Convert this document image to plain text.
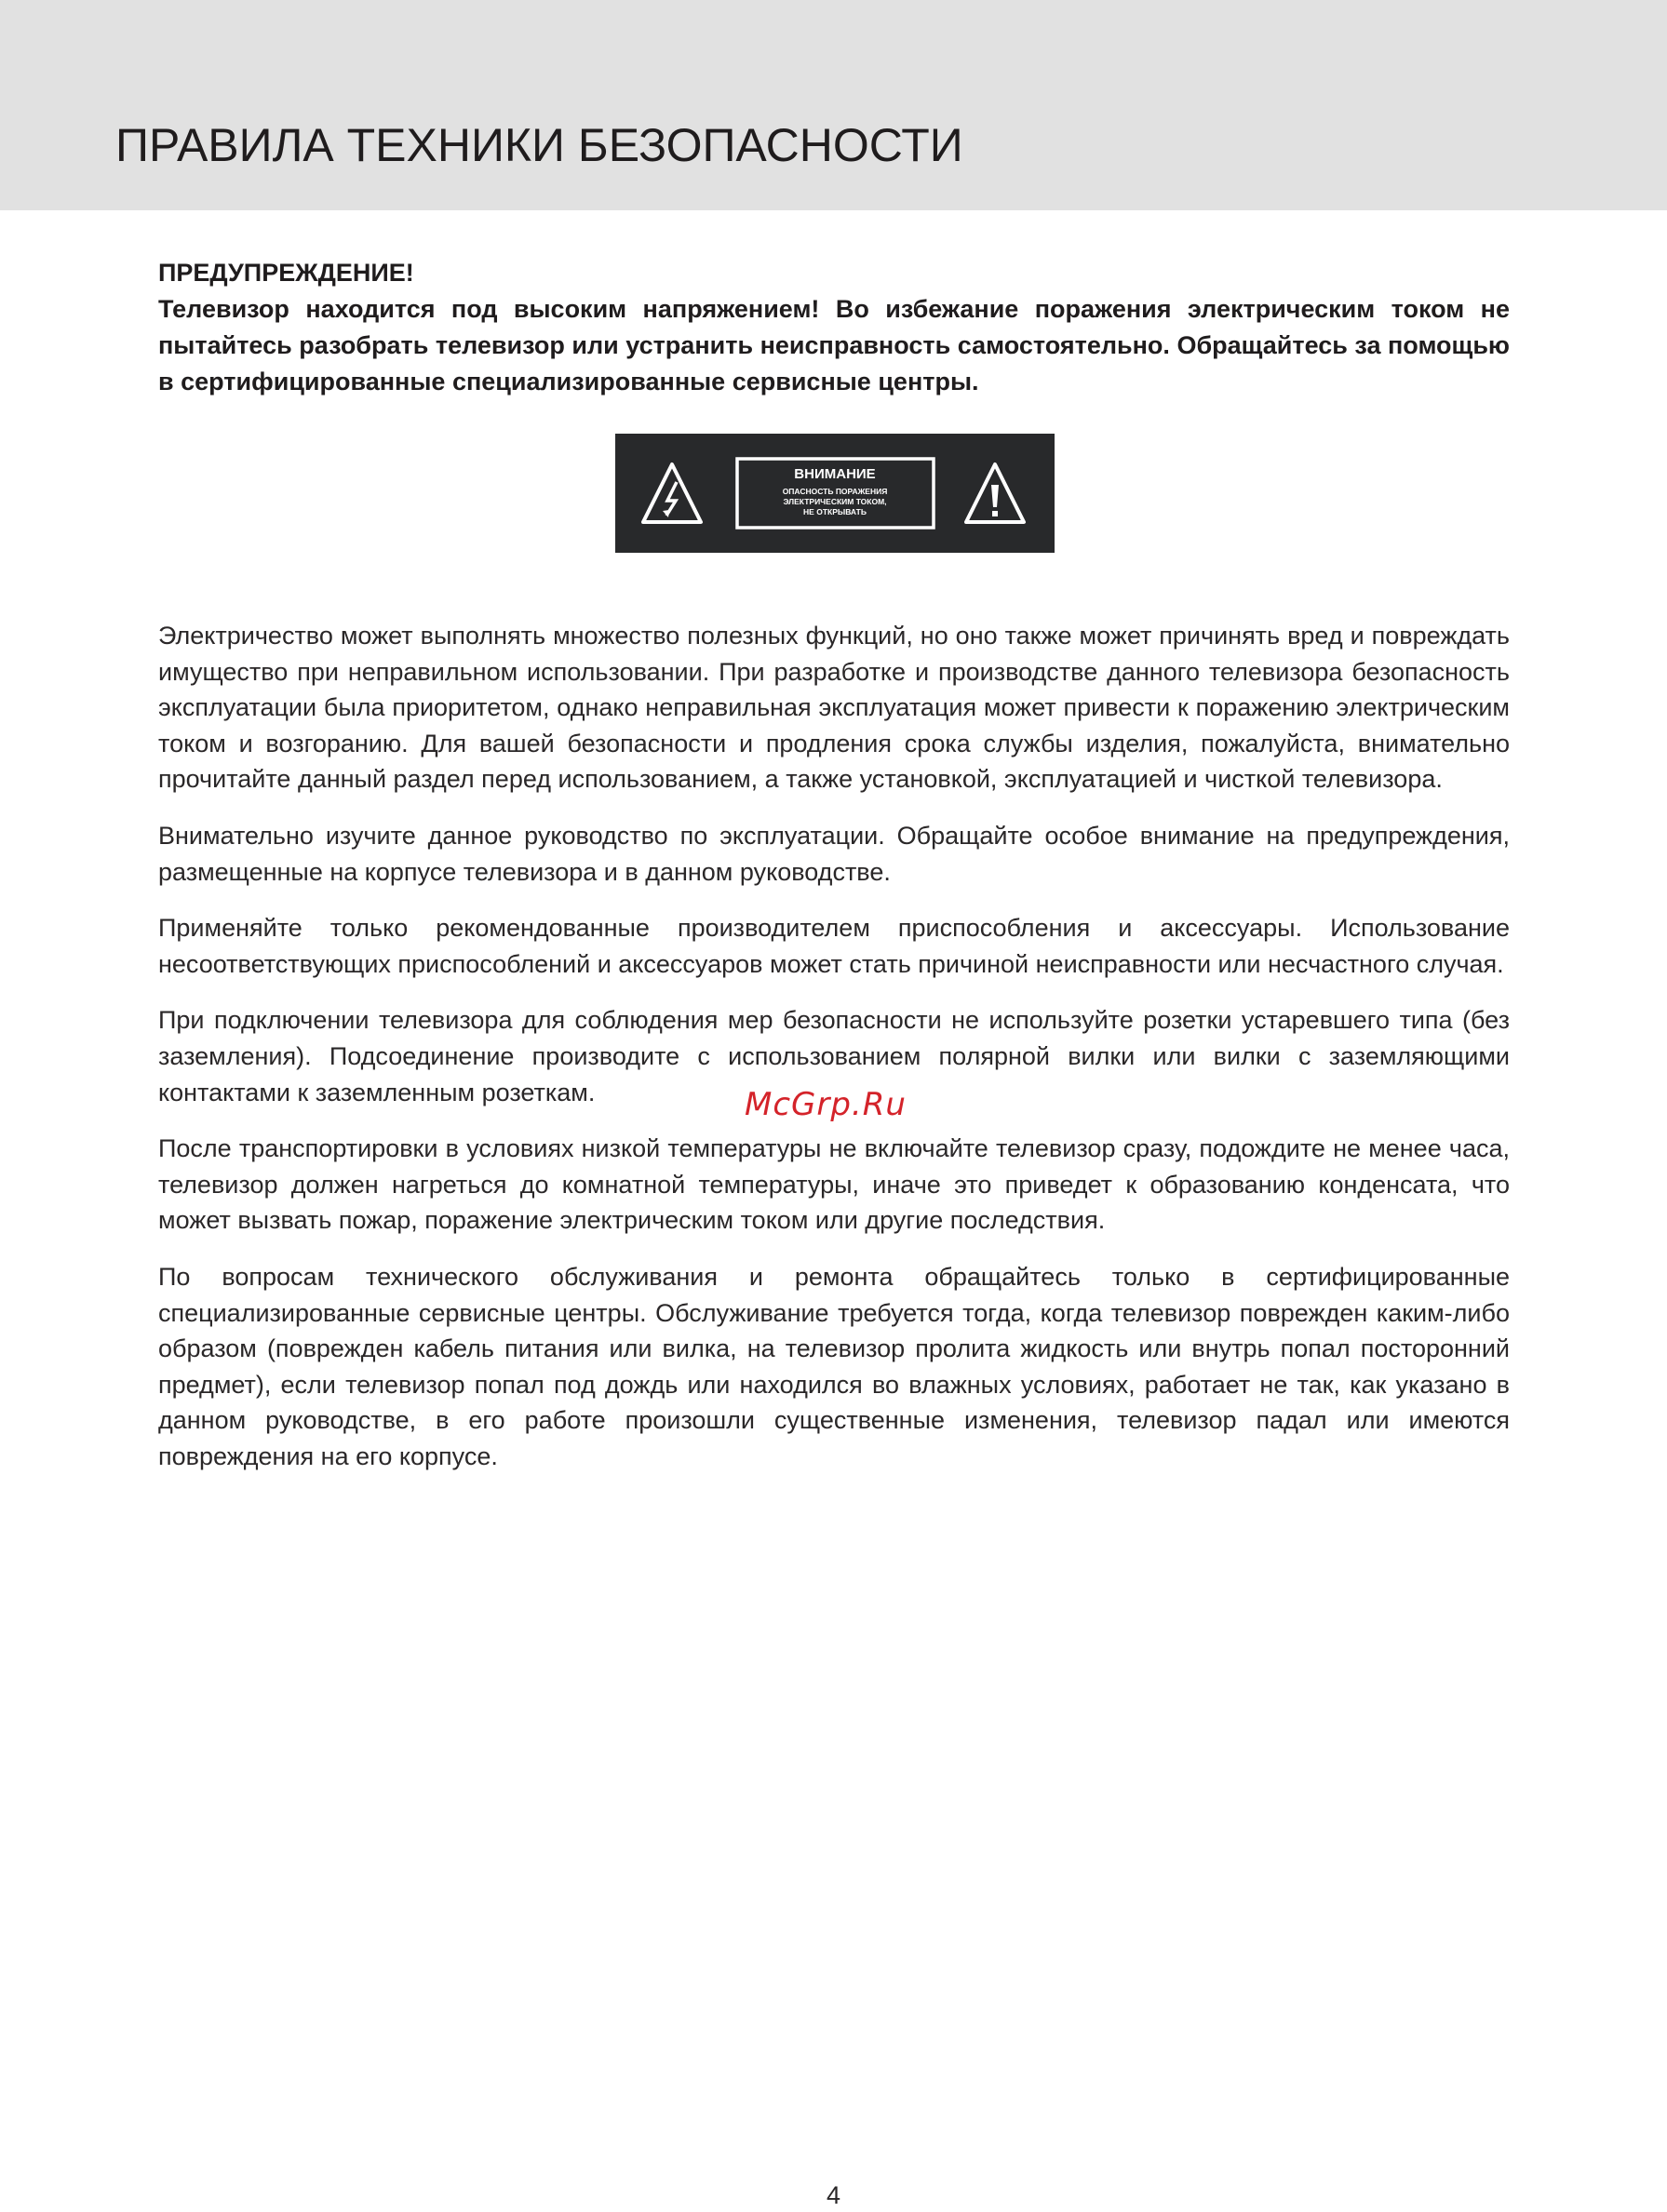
ПРАВИЛА ТЕХНИКИ БЕЗОПАСНОСТИ

ПРЕДУПРЕЖДЕНИЕ!

Телевизор находится под высоким напряжением! Во избежание поражения электрическим током не пытайтесь разобрать телевизор или устранить неисправность самостоятельно. Обращайтесь за помощью в сертифицированные специализированные сервисные центры.

ВНИМАНИЕ
ОПАСНОСТЬ ПОРАЖЕНИЯ
ЭЛЕКТРИЧЕСКИМ ТОКОМ,
НЕ ОТКРЫВАТЬ

Электричество может выполнять множество полезных функций, но оно также может причинять вред и повреждать имущество при неправильном использовании. При разработке и производстве данного телевизора безопасность эксплуатации была приоритетом, однако неправильная эксплуатация может привести к поражению электрическим током и возгоранию. Для вашей безопасности и продления срока службы изделия, пожалуйста, внимательно прочитайте данный раздел перед использованием, а также установкой, эксплуатацией и чисткой телевизора.

Внимательно изучите данное руководство по эксплуатации. Обращайте особое внимание на предупреждения, размещенные на корпусе телевизора и в данном руководстве.

Применяйте только рекомендованные производителем приспособления и аксессуары. Использование несоответствующих приспособлений и аксессуаров может стать причиной неисправности или несчастного случая.

При подключении телевизора для соблюдения мер безопасности не используйте розетки устаревшего типа (без заземления). Подсоединение производите с использованием полярной вилки или вилки с заземляющими контактами к заземленным розеткам.

После транспортировки в условиях низкой температуры не включайте телевизор сразу, подождите не менее часа, телевизор должен нагреться до комнатной температуры, иначе это приведет к образованию конденсата, что может вызвать пожар, поражение электрическим током или другие последствия.

По вопросам технического обслуживания и ремонта обращайтесь только в сертифицированные специализированные сервисные центры. Обслуживание требуется тогда, когда телевизор поврежден каким-либо образом (поврежден кабель питания или вилка, на телевизор пролита жидкость или внутрь попал посторонний предмет), если телевизор попал под дождь или находился во влажных условиях, работает не так, как указано в данном руководстве, в его работе произошли существенные изменения, телевизор падал или имеются повреждения на его корпусе.

McGrp.Ru
4
